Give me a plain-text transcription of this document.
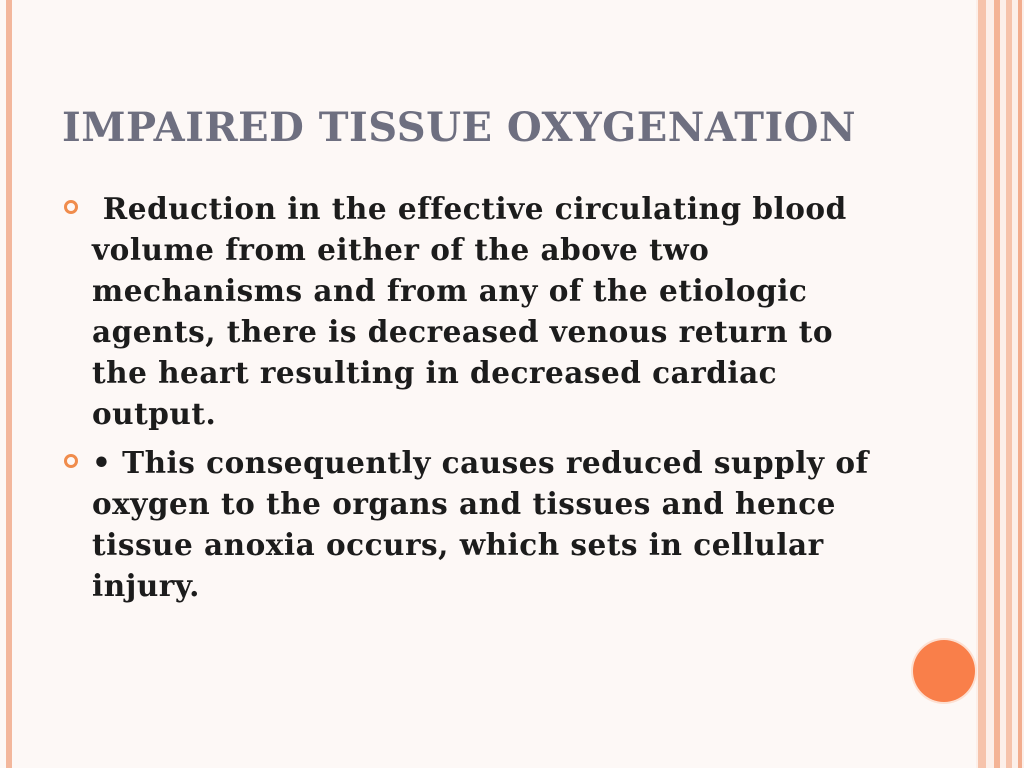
IMPAIRED TISSUE OXYGENATION
Reduction in the effective circulating blood volume from either of the above two mechanisms and from any of the etiologic agents, there is decreased venous return to the heart resulting in decreased cardiac output.
• This consequently causes reduced supply of oxygen to the organs and tissues and hence tissue anoxia occurs, which sets in cellular injury.
